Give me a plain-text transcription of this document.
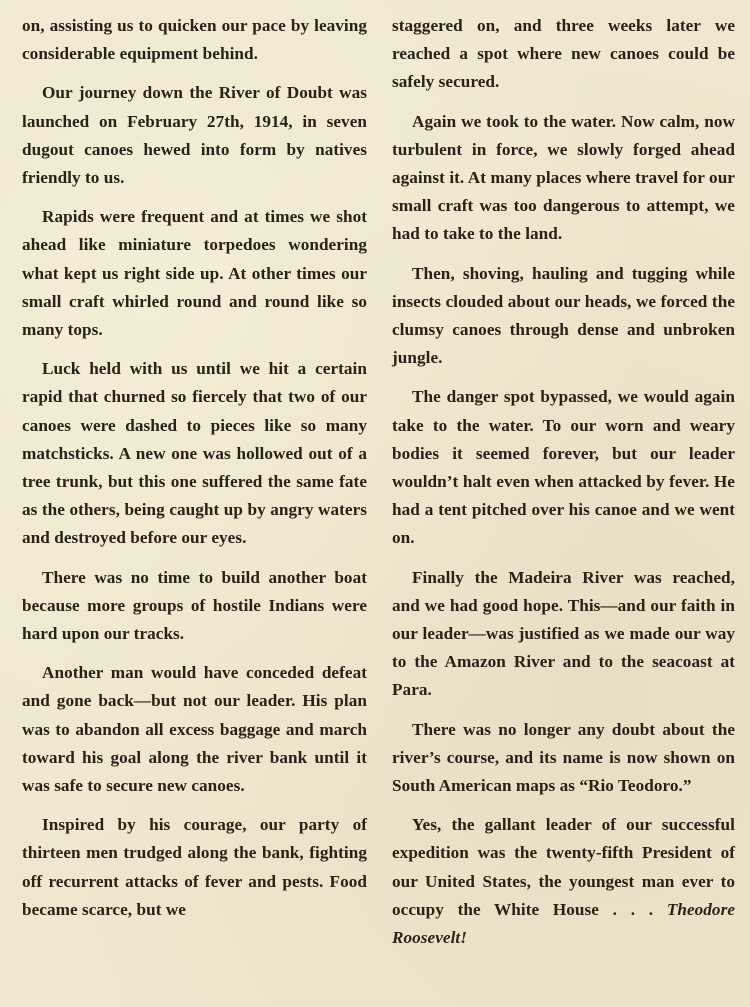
on, assisting us to quicken our pace by leaving considerable equipment behind.

Our journey down the River of Doubt was launched on February 27th, 1914, in seven dugout canoes hewed into form by natives friendly to us.

Rapids were frequent and at times we shot ahead like miniature torpedoes wondering what kept us right side up. At other times our small craft whirled round and round like so many tops.

Luck held with us until we hit a certain rapid that churned so fiercely that two of our canoes were dashed to pieces like so many matchsticks. A new one was hollowed out of a tree trunk, but this one suffered the same fate as the others, being caught up by angry waters and destroyed before our eyes.

There was no time to build another boat because more groups of hostile Indians were hard upon our tracks.

Another man would have conceded defeat and gone back—but not our leader. His plan was to abandon all excess baggage and march toward his goal along the river bank until it was safe to secure new canoes.

Inspired by his courage, our party of thirteen men trudged along the bank, fighting off recurrent attacks of fever and pests. Food became scarce, but we

staggered on, and three weeks later we reached a spot where new canoes could be safely secured.

Again we took to the water. Now calm, now turbulent in force, we slowly forged ahead against it. At many places where travel for our small craft was too dangerous to attempt, we had to take to the land.

Then, shoving, hauling and tugging while insects clouded about our heads, we forced the clumsy canoes through dense and unbroken jungle.

The danger spot bypassed, we would again take to the water. To our worn and weary bodies it seemed forever, but our leader wouldn’t halt even when attacked by fever. He had a tent pitched over his canoe and we went on.

Finally the Madeira River was reached, and we had good hope. This—and our faith in our leader—was justified as we made our way to the Amazon River and to the seacoast at Para.

There was no longer any doubt about the river’s course, and its name is now shown on South American maps as “Rio Teodoro.”

Yes, the gallant leader of our successful expedition was the twenty-fifth President of our United States, the youngest man ever to occupy the White House . . . Theodore Roosevelt!
